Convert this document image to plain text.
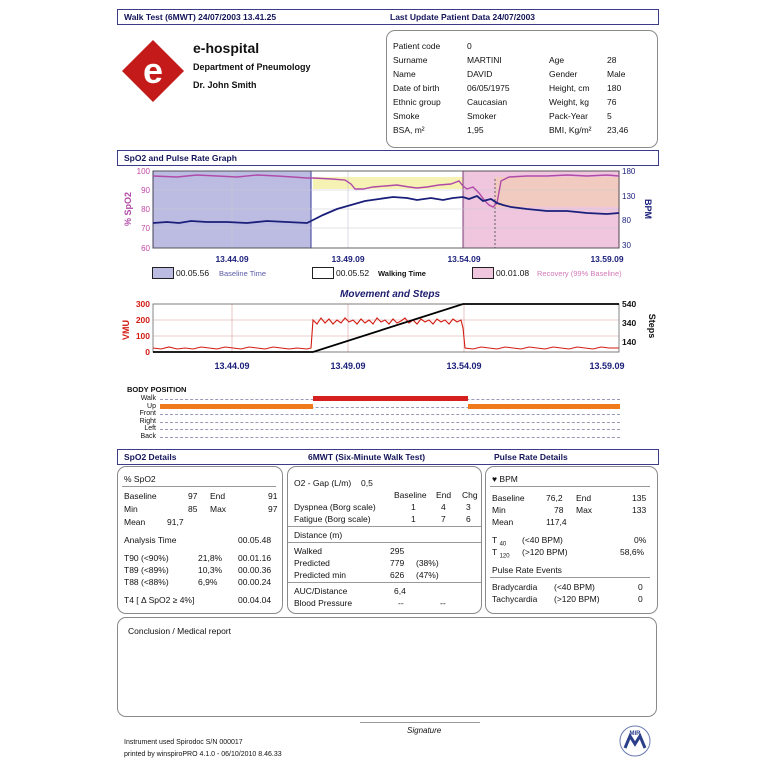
Walk Test (6MWT) 24/07/2003 13.41.25	Last Update Patient Data 24/07/2003
e
e-hospital
Department of Pneumology
Dr. John Smith
Patient code	0
Surname	MARTINI	Age	28
Name	DAVID	Gender	Male
Date of birth	06/05/1975	Height, cm 180
Ethnic group	Caucasian	Weight, kg 76
Smoke	Smoker	Pack-Year 5
BSA, m²	1,95	BMI, Kg/m² 23,46
SpO2 and Pulse Rate Graph
100
90
80
70
60
180
130
80
30
% SpO2	BPM
13.44.09	13.49.09	13.54.09	13.59.09
00.05.56 Baseline Time	00.05.52 Walking Time	00.01.08 Recovery (99% Baseline)
Movement and Steps
300
200
100
0
540
340
140
VMU	Steps
13.44.09	13.49.09	13.54.09	13.59.09
BODY POSITION
Walk
Up
Front
Right
Left
Back
SpO2 Details	6MWT (Six-Minute Walk Test)	Pulse Rate Details
% SpO2
Baseline	97 End	91
Min	85 Max	97
Mean	91,7
Analysis Time	00.05.48
T90 (<90%)	21,8% 00.01.16
T89 (<89%)	10,3% 00.00.36
T88 (<88%)	6,9% 00.00.24
T4 [ Δ SpO2 ≥ 4%]	00.04.04
O2 - Gap (L/m) 0,5
Baseline End Chg
Dyspnea (Borg scale)	1	4 3
Fatigue (Borg scale)	1	7 6
Distance (m)
Walked	295
Predicted	779 (38%)
Predicted min	626 (47%)
AUC/Distance	6,4
Blood Pressure	--	--
♥ BPM
Baseline	76,2 End	135
Min	78 Max	133
Mean	117,4
T $_{40}$ (<40 BPM)	0%
T $_{120}$ (>120 BPM)	58,6%
Pulse Rate Events
Bradycardia (<40 BPM)	0
Tachycardia (>120 BPM)	0
Conclusion / Medical report
Signature
Instrument used Spirodoc S/N 000017
printed by winspiroPRO 4.1.0 - 06/10/2010 8.46.33
MIR
